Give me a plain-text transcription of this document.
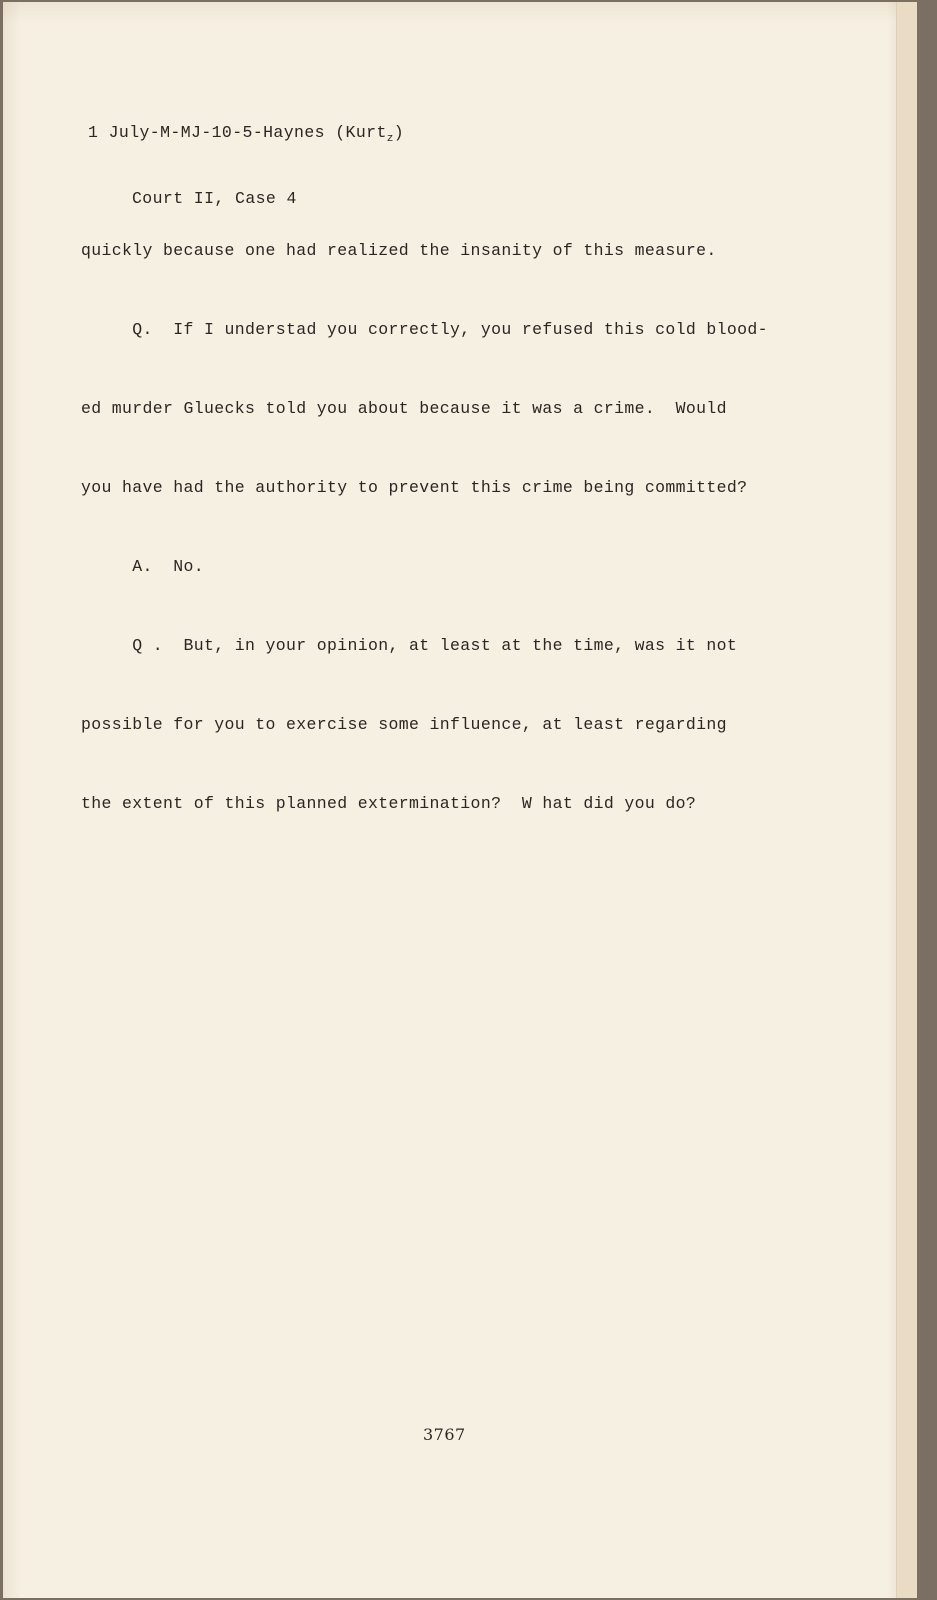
1 July-M-MJ-10-5-Haynes (Kurt$_z$)

Court II, Case 4

quickly because one had realized the insanity of this measure.

Q.  If I understad you correctly, you refused this cold blood-

ed murder Gluecks told you about because it was a crime.  Would

you have had the authority to prevent this crime being committed?

A.  No.

Q .  But, in your opinion, at least at the time, was it not

possible for you to exercise some influence, at least regarding

the extent of this planned extermination?  W hat did you do?

3767
